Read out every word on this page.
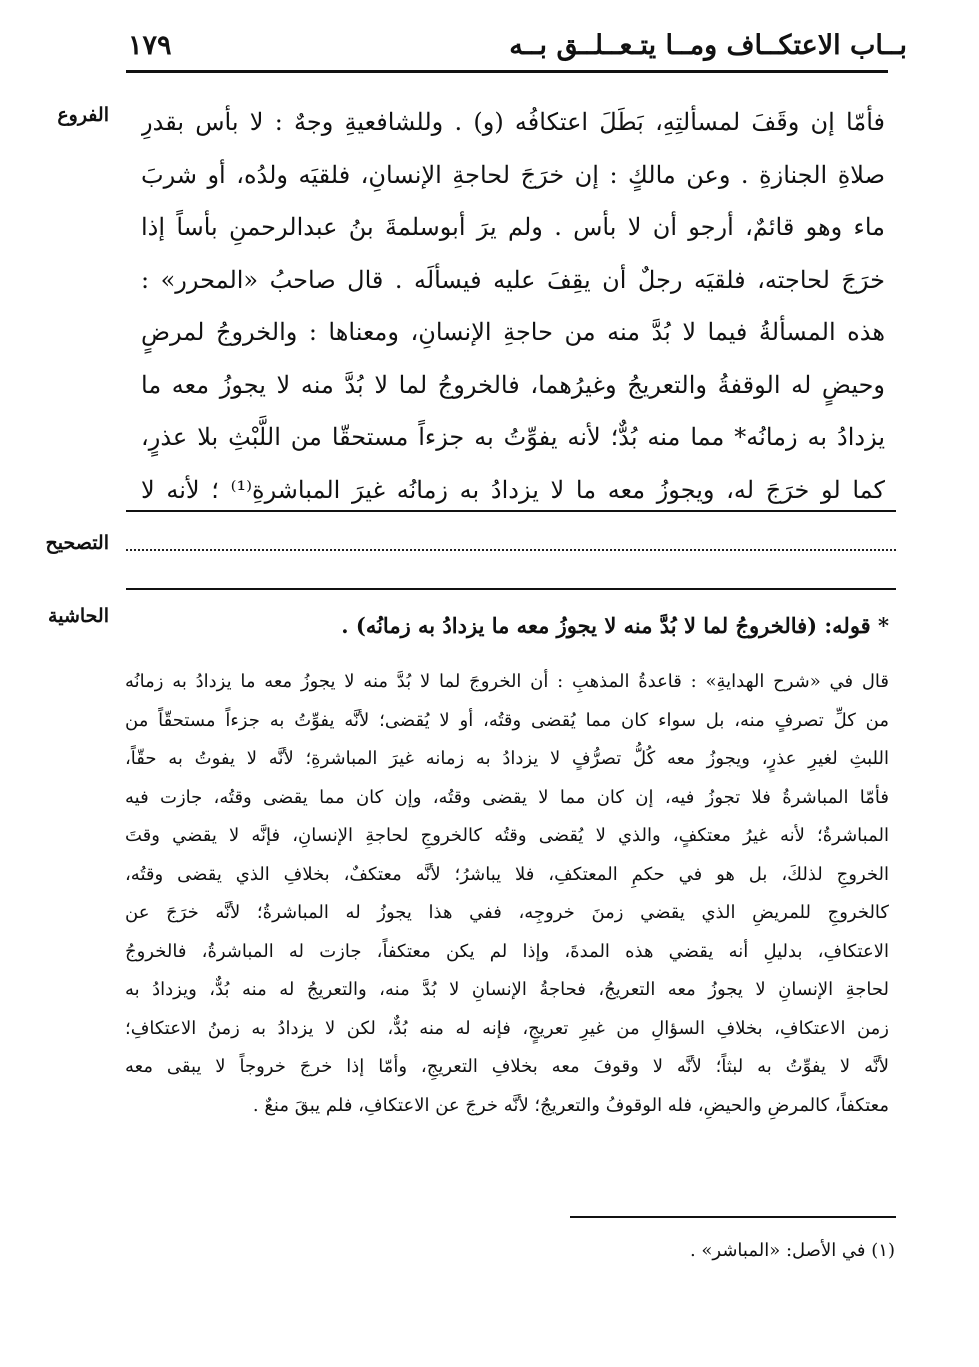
بــاب الاعتكــاف ومــا يتـعــلــق بــه
١٧٩
الفروع
التصحيح
الحاشية
فأمّا إن وقَفَ لمسألتِهِ، بَطَلَ اعتكافُه (و) . وللشافعيةِ وجهٌ : لا بأس بقدرِ
صلاةِ الجنازةِ . وعن مالكٍ : إن خرَجَ لحاجةِ الإنسانِ، فلقيَه ولدُه، أو شربَ
ماء وهو قائمٌ، أرجو أن لا بأس . ولم يرَ أبوسلمةَ بنُ عبدالرحمنِ بأساً إذا
خرَجَ لحاجته، فلقيَه رجلٌ أن يقِفَ عليه فيسألَه . قال صاحبُ «المحرر» :
هذه المسألةُ فيما لا بُدَّ منه من حاجةِ الإنسانِ، ومعناها : والخروجُ لمرضٍ
وحيضٍ له الوقفةُ والتعريجُ وغيرُهما، فالخروجُ لما لا بُدَّ منه لا يجوزُ معه ما
يزدادُ به زمانُه* مما منه بُدٌّ؛ لأنه يفوِّتُ به جزءاً مستحقّا من اللَّبْثِ بلا عذرٍ،
كما لو خرَجَ له، ويجوزُ معه ما لا يزدادُ به زمانُه غيرَ المباشرةِ⁽¹⁾ ؛ لأنه لا
* قوله: (فالخروجُ لما لا بُدَّ منه لا يجوزُ معه ما يزدادُ به زمانُه) .
قال في «شرح الهدايةِ» : قاعدةُ المذهبِ : أن الخروجَ لما لا بُدَّ منه لا يجوزُ معه ما يزدادُ به زمانُه
من كلِّ تصرفٍ منه، بل سواء كان مما يُقضى وقتُه، أو لا يُقضى؛ لأنَّه يفوِّتُ به جزءاً مستحقّاً من
اللبثِ لغيرِ عذرٍ، ويجوزُ معه كُلُّ تصرُّفٍ لا يزدادُ به زمانه غيرَ المباشرةِ؛ لأنَّه لا يفوتُ به حقّاً،
فأمّا المباشرةُ فلا تجوزُ فيه، إن كان مما لا يقضى وقتُه، وإن كان مما يقضى وقتُه، جازت فيه
المباشرةُ؛ لأنه غيرُ معتكفٍ، والذي لا يُقضى وقتُه كالخروجِ لحاجةِ الإنسانِ، فإنَّه لا يقضي وقتَ
الخروجِ لذلكَ، بل هو في حكمِ المعتكفِ، فلا يباشرُ؛ لأنَّه معتكفٌ، بخلافِ الذي يقضى وقتُه،
كالخروجِ للمريضِ الذي يقضي زمنَ خروجِه، ففي هذا يجوزُ له المباشرةُ؛ لأنَّه خرَجَ عن
الاعتكافِ، بدليلِ أنه يقضي هذه المدةَ، وإذا لم يكن معتكفاً، جازت له المباشرةُ، فالخروجُ
لحاجةِ الإنسانِ لا يجوزُ معه التعريجُ، فحاجةُ الإنسانِ لا بُدَّ منه، والتعريجُ له منه بُدٌّ، ويزدادُ به
زمن الاعتكافِ، بخلافِ السؤالِ من غيرِ تعريجٍ، فإنه له منه بُدٌّ، لكن لا يزدادُ به زمنُ الاعتكافِ؛
لأنَّه لا يفوِّتُ به لبثاً؛ لأنَّه لا وقوفَ معه بخلافِ التعريجِ، وأمّا إذا خرجَ خروجاً لا يبقى معه
معتكفاً، كالمرضِ والحيضِ، فله الوقوفُ والتعريجُ؛ لأنَّه خرجَ عن الاعتكافِ، فلم يبقَ منعٌ .
(١) في الأصل: «المباشر» .
